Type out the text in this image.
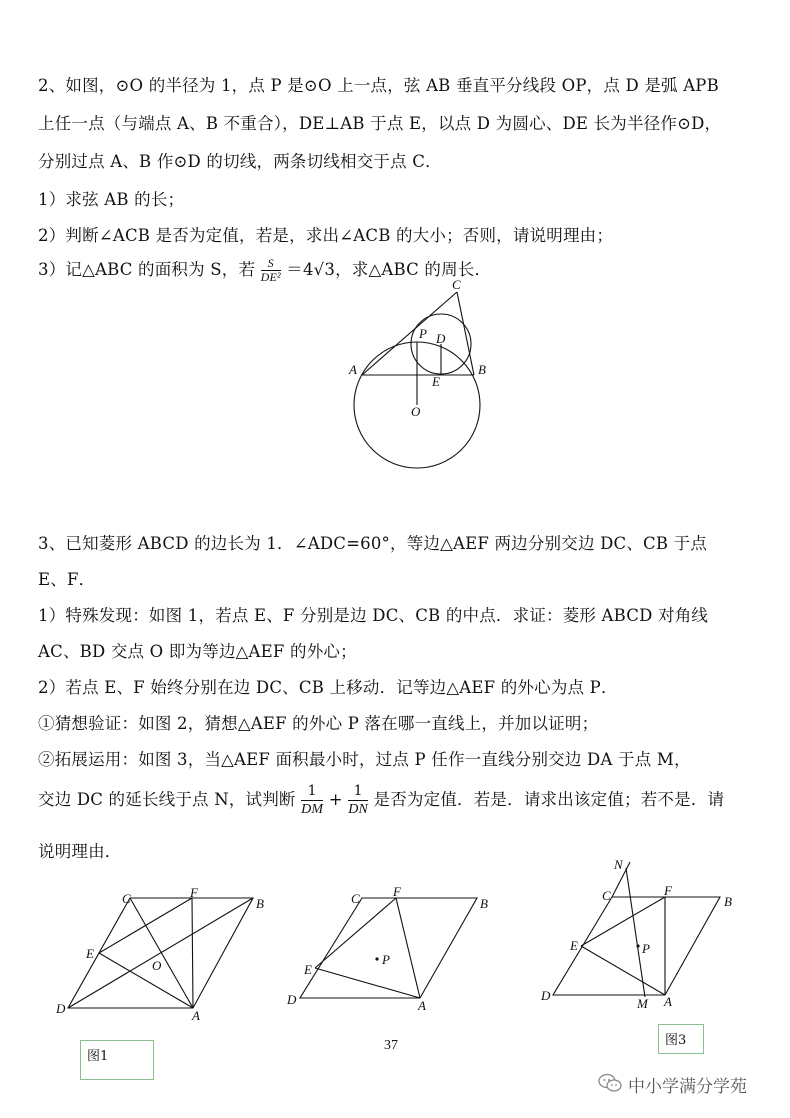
2、如图，⊙O 的半径为 1，点 P 是⊙O 上一点，弦 AB 垂直平分线段 OP，点 D 是弧 APB
上任一点（与端点 A、B 不重合），DE⊥AB 于点 E，以点 D 为圆心、DE 长为半径作⊙D，
分别过点 A、B 作⊙D 的切线，两条切线相交于点 C．
1）求弦 AB 的长；
2）判断∠ACB 是否为定值，若是，求出∠ACB 的大小；否则，请说明理由；
3）记△ABC 的面积为 S，若 $\frac{S}{\text{DE²}} =4√3$，求△ABC 的周长．
C
P D
A	B
E
O
C	F
B
E
O
D	A
C	F
B
P
E
D	A
N
C	F
B
E	P
D
M A
3、已知菱形 ABCD 的边长为 1．∠ADC=60°，等边△AEF 两边分别交边 DC、CB 于点
E、F．
1）特殊发现：如图 1，若点 E、F 分别是边 DC、CB 的中点．求证：菱形 ABCD 对角线
AC、BD 交点 O 即为等边△AEF 的外心；
2）若点 E、F 始终分别在边 DC、CB 上移动．记等边△AEF 的外心为点 P．
①猜想验证：如图 2，猜想△AEF 的外心 P 落在哪一直线上，并加以证明；
②拓展运用：如图 3，当△AEF 面积最小时，过点 P 任作一直线分别交边 DA 于点 M，
交边 DC 的延长线于点 N，试判断 $\frac{1}{DM} + \frac{1}{DN}$ 是否为定值．若是．请求出该定值；若不是．请
说明理由．
图1
图3
37
中小学满分学苑
